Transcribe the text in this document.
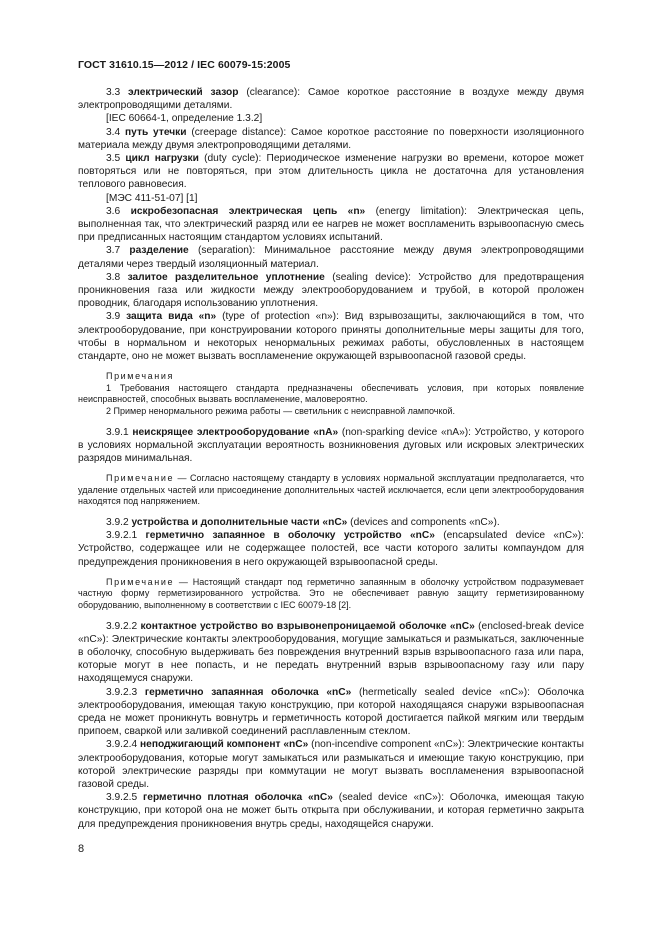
ГОСТ 31610.15—2012 / IEC 60079-15:2005

3.3 электрический зазор (clearance): Самое короткое расстояние в воздухе между двумя электропроводящими деталями.

[IEC 60664-1, определение 1.3.2]

3.4 путь утечки (creepage distance): Самое короткое расстояние по поверхности изоляционного материала между двумя электропроводящими деталями.

3.5 цикл нагрузки (duty cycle): Периодическое изменение нагрузки во времени, которое может повторяться или не повторяться, при этом длительность цикла не достаточна для установления теплового равновесия.

[МЭС 411-51-07] [1]

3.6 искробезопасная электрическая цепь «n» (energy limitation): Электрическая цепь, выполненная так, что электрический разряд или ее нагрев не может воспламенить взрывоопасную смесь при предписанных настоящим стандартом условиях испытаний.

3.7 разделение (separation): Минимальное расстояние между двумя электропроводящими деталями через твердый изоляционный материал.

3.8 залитое разделительное уплотнение (sealing device): Устройство для предотвращения проникновения газа или жидкости между электрооборудованием и трубой, в которой проложен проводник, благодаря использованию уплотнения.

3.9 защита вида «n» (type of protection «n»): Вид взрывозащиты, заключающийся в том, что электрооборудование, при конструировании которого приняты дополнительные меры защиты для того, чтобы в нормальном и некоторых ненормальных режимах работы, обусловленных в настоящем стандарте, оно не может вызвать воспламенение окружающей взрывоопасной газовой среды.

Примечания

1 Требования настоящего стандарта предназначены обеспечивать условия, при которых появление неисправностей, способных вызвать воспламенение, маловероятно.

2 Пример ненормального режима работы — светильник с неисправной лампочкой.

3.9.1 неискрящее электрооборудование «nA» (non-sparking device «nA»): Устройство, у которого в условиях нормальной эксплуатации вероятность возникновения дуговых или искровых электрических разрядов минимальная.

Примечание — Согласно настоящему стандарту в условиях нормальной эксплуатации предполагается, что удаление отдельных частей или присоединение дополнительных частей исключается, если цепи электрооборудования находятся под напряжением.

3.9.2 устройства и дополнительные части «nC» (devices and components «nC»).

3.9.2.1 герметично запаянное в оболочку устройство «nC» (encapsulated device «nC»): Устройство, содержащее или не содержащее полостей, все части которого залиты компаундом для предупреждения проникновения в него окружающей взрывоопасной среды.

Примечание — Настоящий стандарт под герметично запаянным в оболочку устройством подразумевает частную форму герметизированного устройства. Это не обеспечивает равную защиту герметизированному оборудованию, выполненному в соответствии с IEC 60079-18 [2].

3.9.2.2 контактное устройство во взрывонепроницаемой оболочке «nC» (enclosed-break device «nC»): Электрические контакты электрооборудования, могущие замыкаться и размыкаться, заключенные в оболочку, способную выдерживать без повреждения внутренний взрыв взрывоопасного газа или пара, которые могут в нее попасть, и не передать внутренний взрыв взрывоопасному газу или пару находящемуся снаружи.

3.9.2.3 герметично запаянная оболочка «nC» (hermetically sealed device «nC»): Оболочка электрооборудования, имеющая такую конструкцию, при которой находящаяся снаружи взрывоопасная среда не может проникнуть вовнутрь и герметичность которой достигается пайкой мягким или твердым припоем, сваркой или заливкой соединений расплавленным стеклом.

3.9.2.4 неподжигающий компонент «nC» (non-incendive component «nC»): Электрические контакты электрооборудования, которые могут замыкаться или размыкаться и имеющие такую конструкцию, при которой электрические разряды при коммутации не могут вызвать воспламенения взрывоопасной газовой среды.

3.9.2.5 герметично плотная оболочка «nC» (sealed device «nC»): Оболочка, имеющая такую конструкцию, при которой она не может быть открыта при обслуживании, и которая герметично закрыта для предупреждения проникновения внутрь среды, находящейся снаружи.

8
